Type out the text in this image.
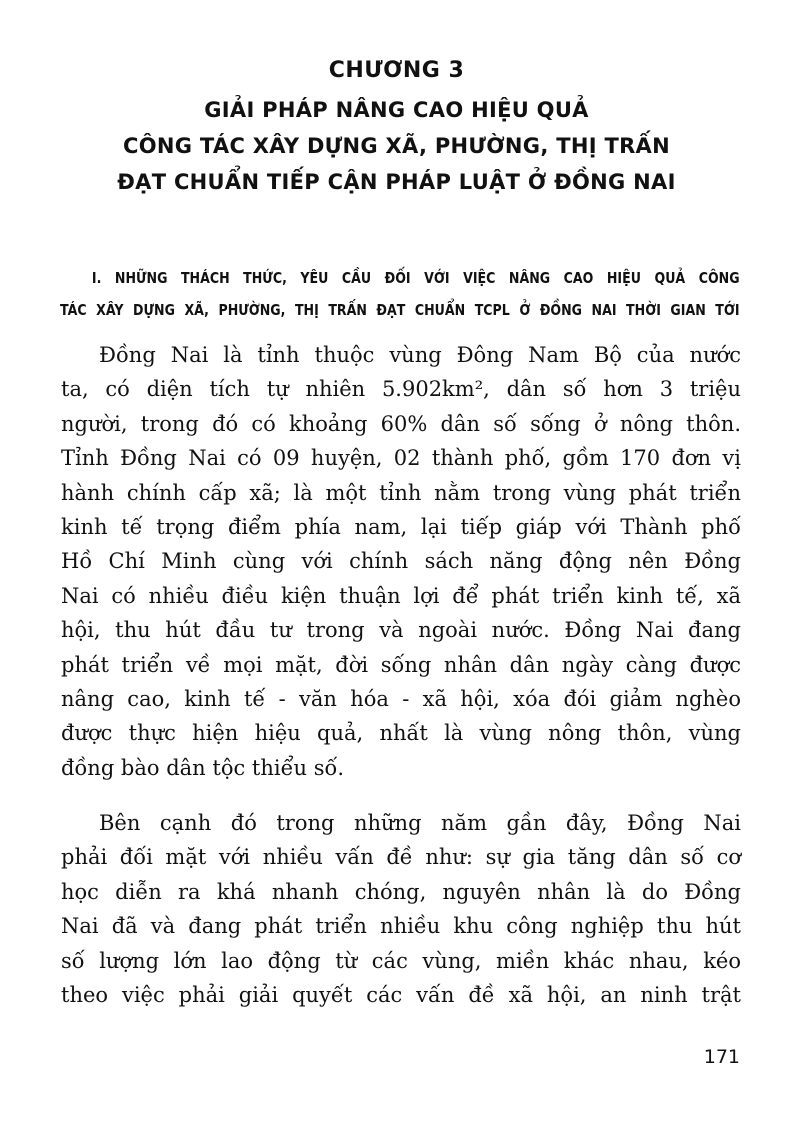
CHƯƠNG 3
GIẢI PHÁP NÂNG CAO HIỆU QUẢ
CÔNG TÁC XÂY DỰNG XÃ, PHƯỜNG, THỊ TRẤN
ĐẠT CHUẨN TIẾP CẬN PHÁP LUẬT Ở ĐỒNG NAI
I. NHỮNG THÁCH THỨC, YÊU CẦU ĐỐI VỚI VIỆC NÂNG CAO HIỆU QUẢ CÔNG
TÁC XÂY DỰNG XÃ, PHƯỜNG, THỊ TRẤN ĐẠT CHUẨN TCPL Ở ĐỒNG NAI THỜI GIAN TỚI
Đồng Nai là tỉnh thuộc vùng Đông Nam Bộ của nước
ta, có diện tích tự nhiên 5.902km², dân số hơn 3 triệu
người, trong đó có khoảng 60% dân số sống ở nông thôn.
Tỉnh Đồng Nai có 09 huyện, 02 thành phố, gồm 170 đơn vị
hành chính cấp xã; là một tỉnh nằm trong vùng phát triển
kinh tế trọng điểm phía nam, lại tiếp giáp với Thành phố
Hồ Chí Minh cùng với chính sách năng động nên Đồng
Nai có nhiều điều kiện thuận lợi để phát triển kinh tế, xã
hội, thu hút đầu tư trong và ngoài nước. Đồng Nai đang
phát triển về mọi mặt, đời sống nhân dân ngày càng được
nâng cao, kinh tế - văn hóa - xã hội, xóa đói giảm nghèo
được thực hiện hiệu quả, nhất là vùng nông thôn, vùng
đồng bào dân tộc thiểu số.
Bên cạnh đó trong những năm gần đây, Đồng Nai
phải đối mặt với nhiều vấn đề như: sự gia tăng dân số cơ
học diễn ra khá nhanh chóng, nguyên nhân là do Đồng
Nai đã và đang phát triển nhiều khu công nghiệp thu hút
số lượng lớn lao động từ các vùng, miền khác nhau, kéo
theo việc phải giải quyết các vấn đề xã hội, an ninh trật
171
